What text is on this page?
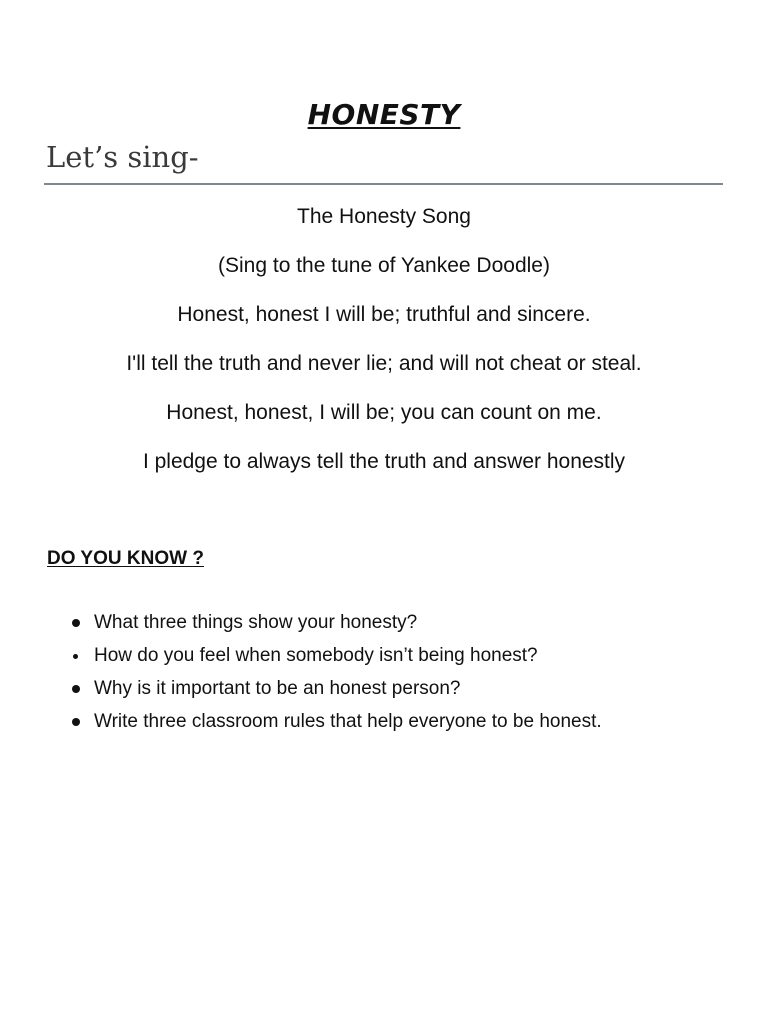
HONESTY
Let’s sing-
The Honesty Song
(Sing to the tune of Yankee Doodle)
Honest, honest I will be; truthful and sincere.
I'll tell the truth and never lie; and will not cheat or steal.
Honest, honest, I will be; you can count on me.
I pledge to always tell the truth and answer honestly
DO YOU KNOW ?
What three things show your honesty?
How do you feel when somebody isn’t being honest?
Why is it important to be an honest person?
Write three classroom rules that help everyone to be honest.
